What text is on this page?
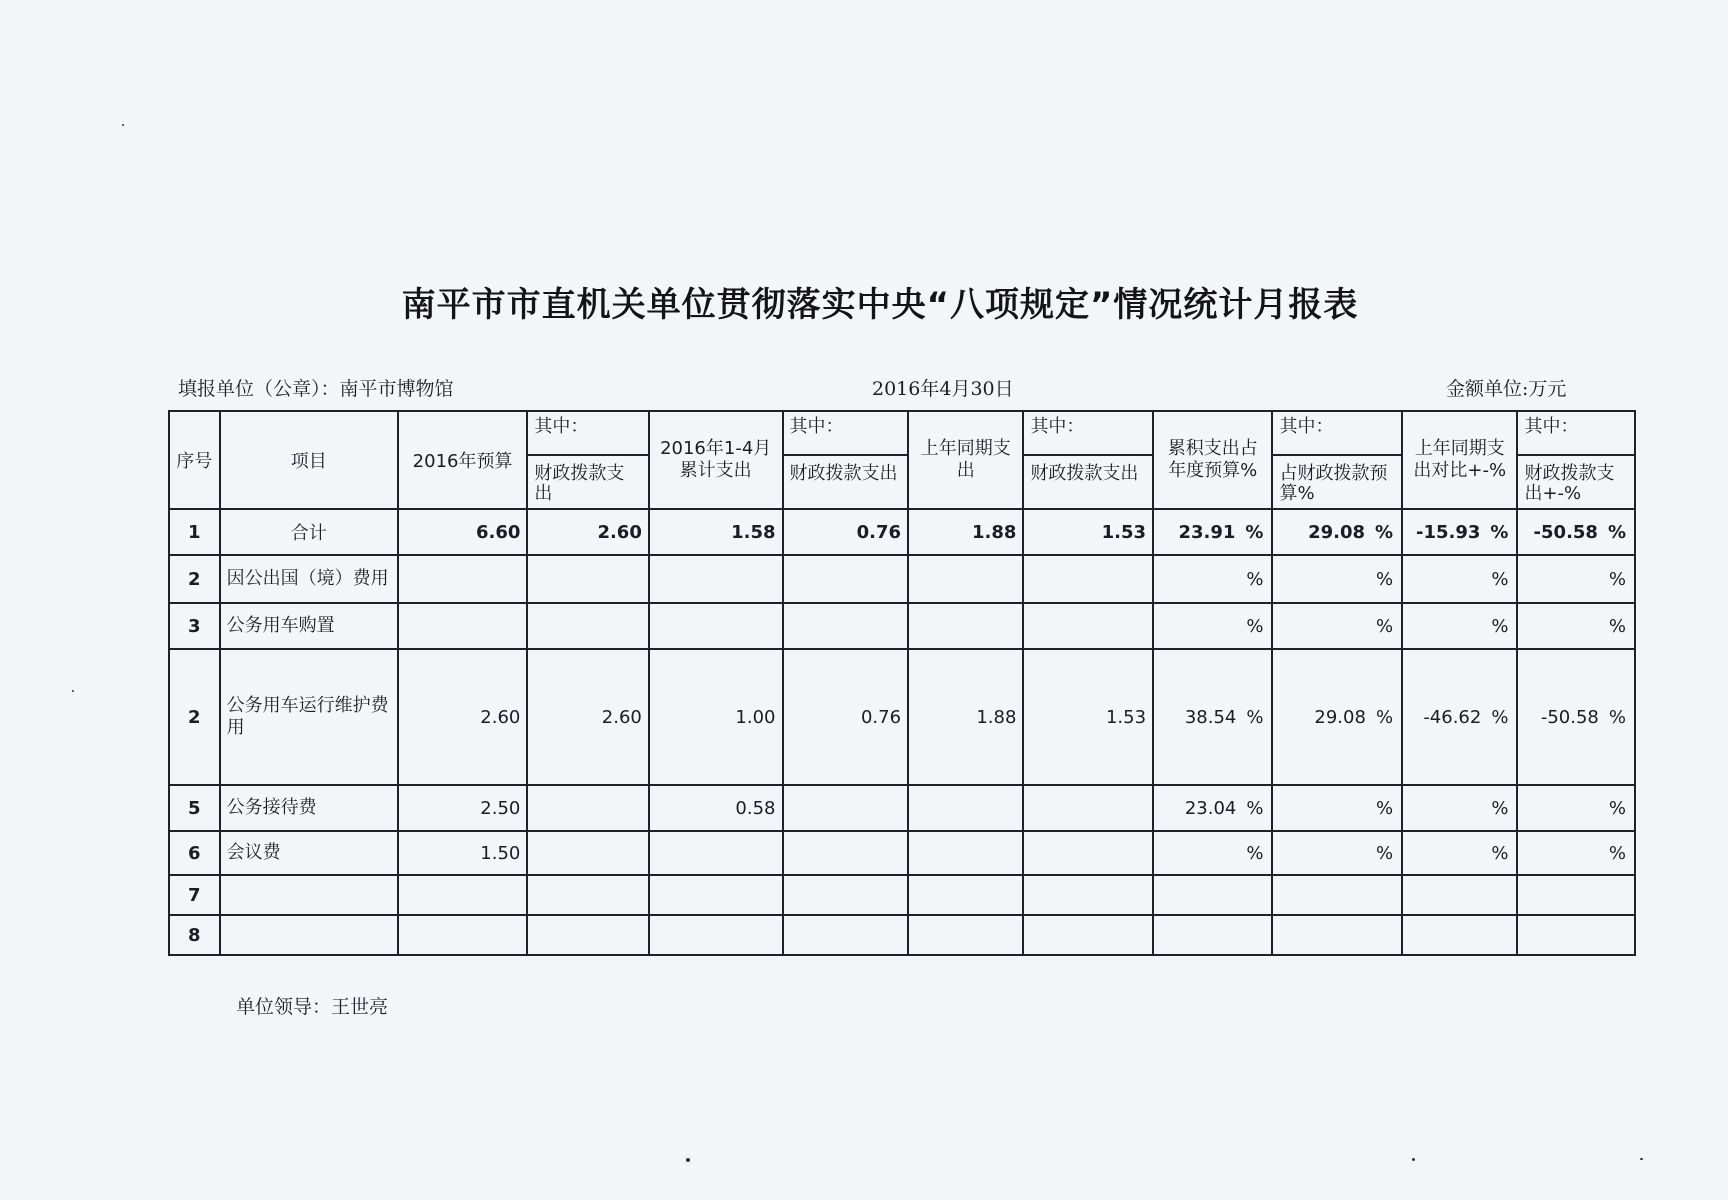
南平市市直机关单位贯彻落实中央“八项规定”情况统计月报表
填报单位（公章）：南平市博物馆	2016年4月30日	金额单位:万元
序号	项目	2016年预算	其中：	2016年1-4月累计支出	其中：	上年同期支出	其中：	累积支出占年度预算%	其中：	上年同期支出对比+-%	其中：
			财政拨款支出		财政拨款支出		财政拨款支出		占财政拨款预算%		财政拨款支出+-%
1	合计	6.60	2.60	1.58	0.76	1.88	1.53	23.91 %	29.08 %	-15.93 %	-50.58 %
2	因公出国（境）费用							%	%	%	%
3	公务用车购置							%	%	%	%
2	公务用车运行维护费用	2.60	2.60	1.00	0.76	1.88	1.53	38.54 %	29.08 %	-46.62 %	-50.58 %
5	公务接待费	2.50		0.58				23.04 %	%	%	%
6	会议费	1.50						%	%	%	%
7											
8											
单位领导：王世亮
